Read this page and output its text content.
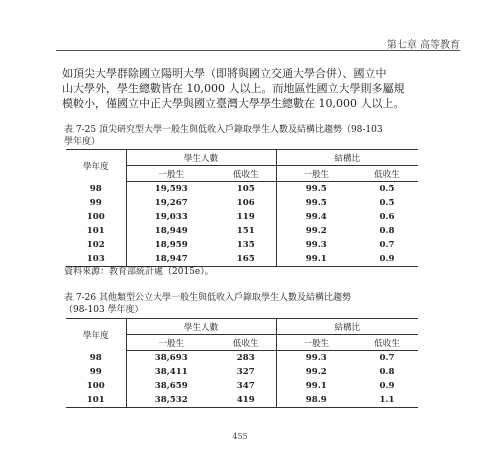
第七章 高等教育

如頂尖大學群除國立陽明大學（即將與國立交通大學合併）、國立中
山大學外，學生總數皆在 10,000 人以上。而地區性國立大學則多屬規
模較小，僅國立中正大學與國立臺灣大學學生總數在 10,000 人以上。

表 7-25 頂尖研究型大學一般生與低收入戶錄取學生人數及結構比趨勢（98-103
學年度）

學年度	學生人數		結構比	
	一般生	低收生	一般生	低收生
98	19,593	105	99.5	0.5
99	19,267	106	99.5	0.5
100	19,033	119	99.4	0.6
101	18,949	151	99.2	0.8
102	18,959	135	99.3	0.7
103	18,947	165	99.1	0.9

資料來源：教育部統計處（2015e）。

表 7-26 其他類型公立大學一般生與低收入戶錄取學生人數及結構比趨勢
（98-103 學年度）

學年度	學生人數		結構比	
	一般生	低收生	一般生	低收生
98	38,693	283	99.3	0.7
99	38,411	327	99.2	0.8
100	38,659	347	99.1	0.9
101	38,532	419	98.9	1.1
455
